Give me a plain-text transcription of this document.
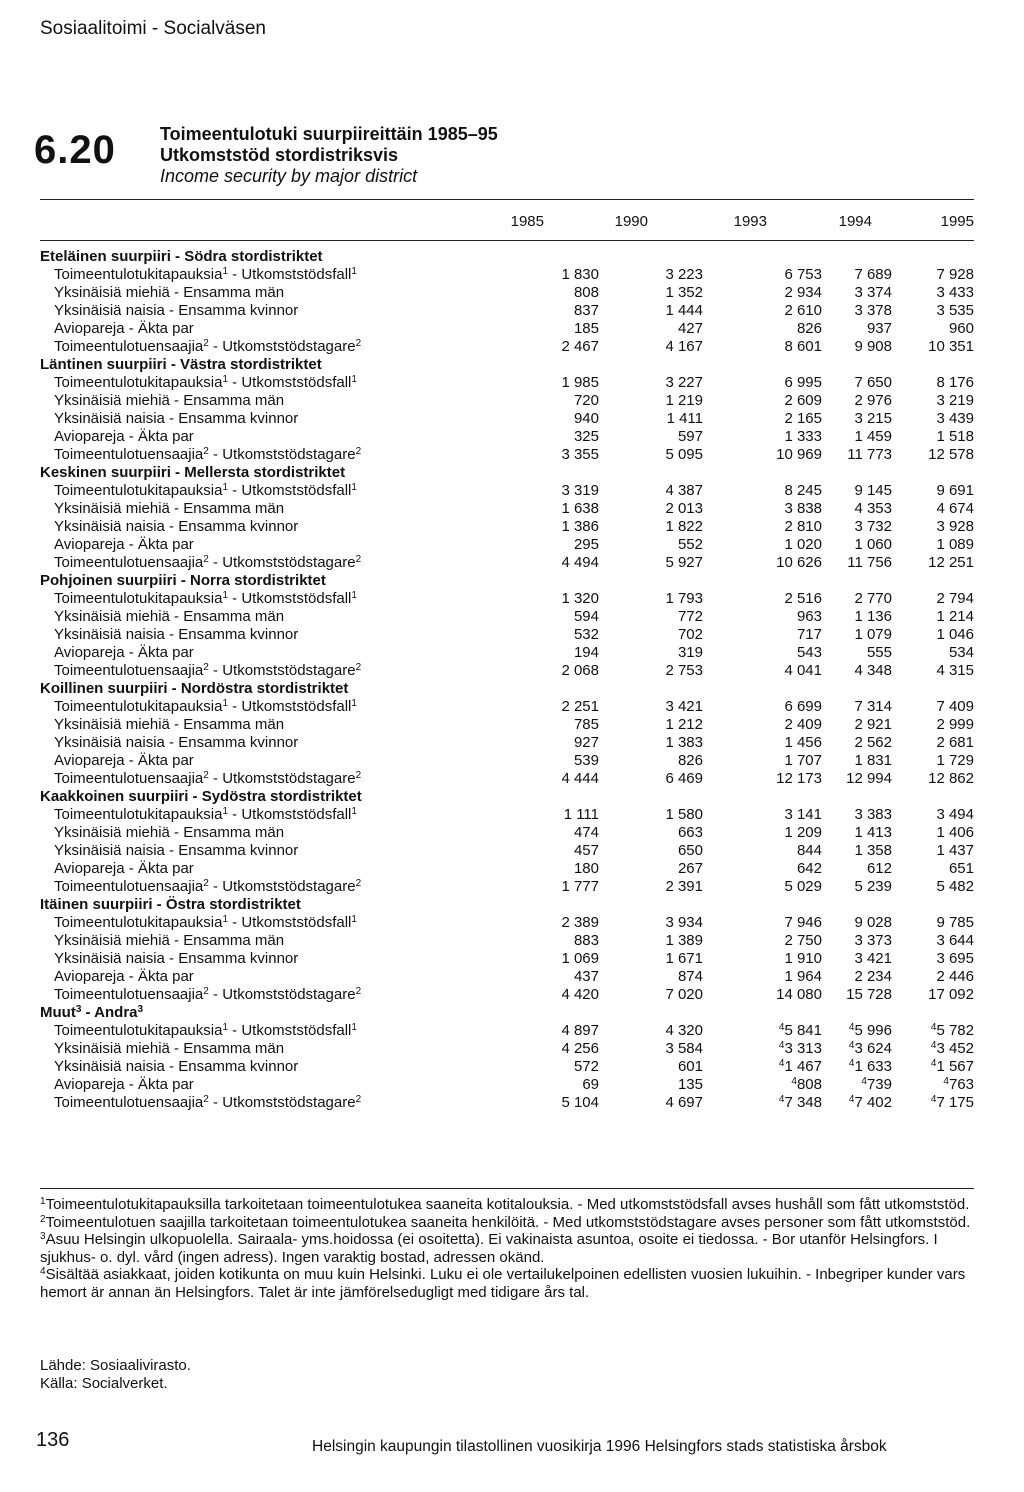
Sosiaalitoimi - Socialväsen
6.20 Toimeentulotuki suurpiireittäin 1985–95
Utkomststöd stordistriksvis
Income security by major district
1985	1990	1993	1994	1995
Eteläinen suurpiiri - Södra stordistriktet
Toimeentulotukitapauksia$^1$ - Utkomststödsfall$^1$	1 830	3 223	6 753	7 689	7 928
Yksinäisiä miehiä - Ensamma män	808	1 352	2 934	3 374	3 433
Yksinäisiä naisia - Ensamma kvinnor	837	1 444	2 610	3 378	3 535
Aviopareja - Äkta par	185	427	826	937	960
Toimeentulotuensaajia$^2$ - Utkomststödstagare$^2$	2 467	4 167	8 601	9 908	10 351
Läntinen suurpiiri - Västra stordistriktet
Toimeentulotukitapauksia$^1$ - Utkomststödsfall$^1$	1 985	3 227	6 995	7 650	8 176
Yksinäisiä miehiä - Ensamma män	720	1 219	2 609	2 976	3 219
Yksinäisiä naisia - Ensamma kvinnor	940	1 411	2 165	3 215	3 439
Aviopareja - Äkta par	325	597	1 333	1 459	1 518
Toimeentulotuensaajia$^2$ - Utkomststödstagare$^2$	3 355	5 095	10 969	11 773	12 578
Keskinen suurpiiri - Mellersta stordistriktet
Toimeentulotukitapauksia$^1$ - Utkomststödsfall$^1$	3 319	4 387	8 245	9 145	9 691
Yksinäisiä miehiä - Ensamma män	1 638	2 013	3 838	4 353	4 674
Yksinäisiä naisia - Ensamma kvinnor	1 386	1 822	2 810	3 732	3 928
Aviopareja - Äkta par	295	552	1 020	1 060	1 089
Toimeentulotuensaajia$^2$ - Utkomststödstagare$^2$	4 494	5 927	10 626	11 756	12 251
Pohjoinen suurpiiri - Norra stordistriktet
Toimeentulotukitapauksia$^1$ - Utkomststödsfall$^1$	1 320	1 793	2 516	2 770	2 794
Yksinäisiä miehiä - Ensamma män	594	772	963	1 136	1 214
Yksinäisiä naisia - Ensamma kvinnor	532	702	717	1 079	1 046
Aviopareja - Äkta par	194	319	543	555	534
Toimeentulotuensaajia$^2$ - Utkomststödstagare$^2$	2 068	2 753	4 041	4 348	4 315
Koillinen suurpiiri - Nordöstra stordistriktet
Toimeentulotukitapauksia$^1$ - Utkomststödsfall$^1$	2 251	3 421	6 699	7 314	7 409
Yksinäisiä miehiä - Ensamma män	785	1 212	2 409	2 921	2 999
Yksinäisiä naisia - Ensamma kvinnor	927	1 383	1 456	2 562	2 681
Aviopareja - Äkta par	539	826	1 707	1 831	1 729
Toimeentulotuensaajia$^2$ - Utkomststödstagare$^2$	4 444	6 469	12 173	12 994	12 862
Kaakkoinen suurpiiri - Sydöstra stordistriktet
Toimeentulotukitapauksia$^1$ - Utkomststödsfall$^1$	1 111	1 580	3 141	3 383	3 494
Yksinäisiä miehiä - Ensamma män	474	663	1 209	1 413	1 406
Yksinäisiä naisia - Ensamma kvinnor	457	650	844	1 358	1 437
Aviopareja - Äkta par	180	267	642	612	651
Toimeentulotuensaajia$^2$ - Utkomststödstagare$^2$	1 777	2 391	5 029	5 239	5 482
Itäinen suurpiiri - Östra stordistriktet
Toimeentulotukitapauksia$^1$ - Utkomststödsfall$^1$	2 389	3 934	7 946	9 028	9 785
Yksinäisiä miehiä - Ensamma män	883	1 389	2 750	3 373	3 644
Yksinäisiä naisia - Ensamma kvinnor	1 069	1 671	1 910	3 421	3 695
Aviopareja - Äkta par	437	874	1 964	2 234	2 446
Toimeentulotuensaajia$^2$ - Utkomststödstagare$^2$	4 420	7 020	14 080	15 728	17 092
Muut$^3$ - Andra$^3$
Toimeentulotukitapauksia$^1$ - Utkomststödsfall$^1$	4 897	4 320	$^4$5 841	$^4$5 996	$^4$5 782
Yksinäisiä miehiä - Ensamma män	4 256	3 584	$^4$3 313	$^4$3 624	$^4$3 452
Yksinäisiä naisia - Ensamma kvinnor	572	601	$^4$1 467	$^4$1 633	$^4$1 567
Aviopareja - Äkta par	69	135	$^4$808	$^4$739	$^4$763
Toimeentulotuensaajia$^2$ - Utkomststödstagare$^2$	5 104	4 697	$^4$7 348	$^4$7 402	$^4$7 175

$^1$Toimeentulotukitapauksilla tarkoitetaan toimeentulotukea saaneita kotitalouksia. - Med utkomststödsfall avses hushåll som fått utkomststöd.

$^2$Toimeentulotuen saajilla tarkoitetaan toimeentulotukea saaneita henkilöitä. - Med utkomststödstagare avses personer som fått utkomststöd.

$^3$Asuu Helsingin ulkopuolella. Sairaala- yms.hoidossa (ei osoitetta). Ei vakinaista asuntoa, osoite ei tiedossa. - Bor utanför Helsingfors. I sjukhus- o. dyl. vård (ingen adress). Ingen varaktig bostad, adressen okänd.

$^4$Sisältää asiakkaat, joiden kotikunta on muu kuin Helsinki. Luku ei ole vertailukelpoinen edellisten vuosien lukuihin. - Inbegriper kunder vars hemort är annan än Helsingfors. Talet är inte jämförelsedugligt med tidigare års tal.

Lähde: Sosiaalivirasto.
Källa: Socialverket.
136	Helsingin kaupungin tilastollinen vuosikirja 1996 Helsingfors stads statistiska årsbok
